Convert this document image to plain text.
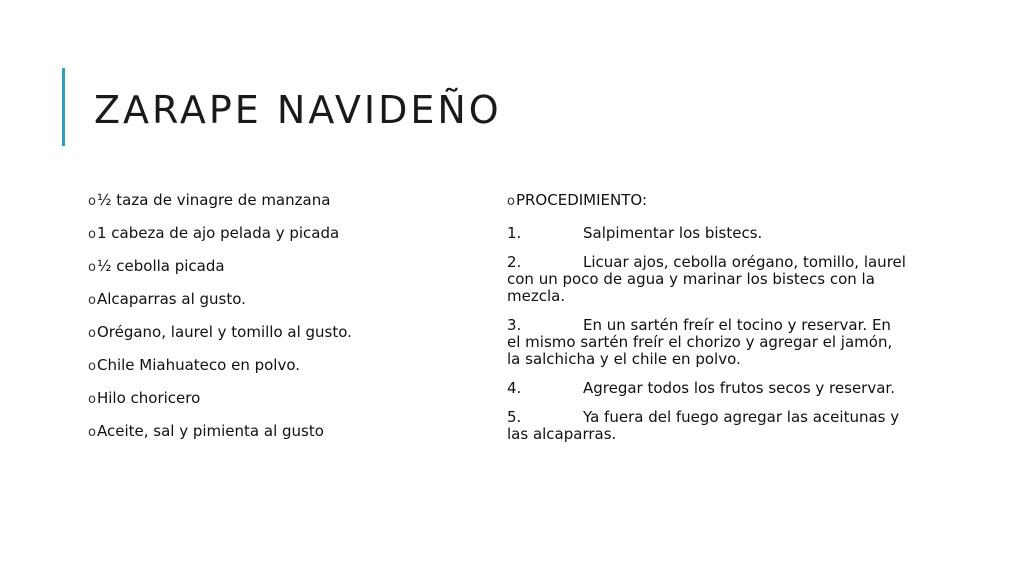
ZARAPE NAVIDEÑO
o½ taza de vinagre de manzana
o1 cabeza de ajo pelada y picada
o½ cebolla picada
oAlcaparras al gusto.
oOrégano, laurel y tomillo al gusto.
oChile Miahuateco en polvo.
oHilo choricero
oAceite, sal y pimienta al gusto
oPROCEDIMIENTO:
1.	Salpimentar los bistecs.
2.	Licuar ajos, cebolla orégano, tomillo, laurel con un poco de agua y marinar los bistecs con la mezcla.
3.	En un sartén freír el tocino y reservar. En el mismo sartén freír el chorizo y agregar el jamón, la salchicha y el chile en polvo.
4.	Agregar todos los frutos secos y reservar.
5.	Ya fuera del fuego agregar las aceitunas y las alcaparras.
